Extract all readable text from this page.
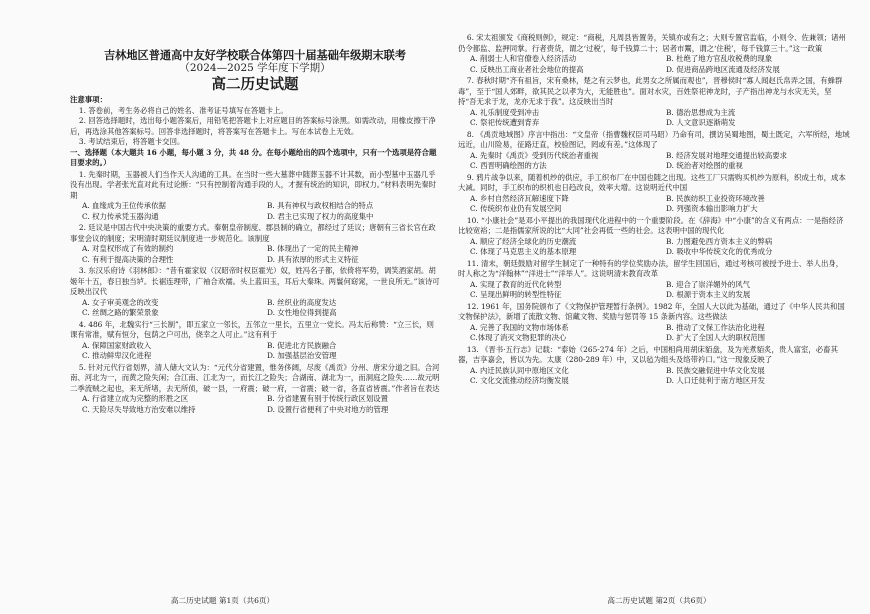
吉林地区普通高中友好学校联合体第四十届基础年级期末联考
（2024—2025 学年度下学期）
高二历史试题

注意事项：

1. 答卷前，考生务必将自己的姓名、准考证号填写在答题卡上。

2. 回答选择题时，选出每小题答案后，用铅笔把答题卡上对应题目的答案标号涂黑。如需改动，用橡皮擦干净后，再选涂其他答案标号。回答非选择题时，将答案写在答题卡上。写在本试卷上无效。

3. 考试结束后，将答题卡交回。

一、选择题（本大题共 16 小题，每小题 3 分，共 48 分。在每小题给出的四个选项中，只有一个选项是符合题目要求的。）

1. 先秦时期，玉器被人们当作天人沟通的工具。在当时一些大墓葬中随葬玉器不计其数，而小型墓中玉器几乎没有出现。学者张光直对此有过论断：“只有控制着沟通手段的人，才握有统治的知识，即权力。”材料表明先秦时期

A. 血缘成为王位传承依据	B. 具有神权与政权相结合的特点
C. 权力传承凭玉器沟通	D. 君主已实现了权力的高度集中

2. 廷议是中国古代中央决策的重要方式。秦朝皇帝制度、郡县制的确立，都经过了廷议；唐朝有三省长官在政事堂会议的制度；宋明清时期廷议制度进一步规范化。该制度

A. 对皇权形成了有效的制约	B. 体现出了一定的民主精神
C. 有利于提高决策的合理性	D. 具有浓厚的形式主义特征

3. 东汉乐府诗《羽林郎》：“昔有霍家奴（汉昭帝时权臣霍光）奴，姓冯名子都，依倚将军势，调笑酒家胡。胡姬年十五，春日独当垆。长裾连理带，广袖合欢襦。头上蓝田玉，耳后大秦珠。两鬟何窈窕，一世良所无。”该诗可反映出汉代

A. 女子审美观念的改变	B. 丝织业的高度发达
C. 丝绸之路的繁荣景象	D. 女性地位得到提高

4. 486 年，北魏实行“三长制”，即五家立一邻长，五邻立一里长，五里立一党长。冯太后称赞：“立三长，则课有常准，赋有恒分，包荫之户可出，侥幸之人可止。”这有利于

A. 保障国家财政收入	B. 促进北方民族融合
C. 推动鲜卑汉化进程	D. 加强基层治安管理

5. 针对元代行省划界，清人储大文认为：“元代分省建置，惟务侈阔，尽废《禹贡》分州、唐宋分道之旧。合河南、河北为一，而黄之险失闲；合江南、江北为一，而长江之险失；合湖南、湖北为一，而洞庭之险失……故元明二季流贼之起也，来无所堵，去无所侦，破一县，一府震；破一府，一省震；破一省，各直省皆震。”作者旨在表达

A. 行省建立成为完整的形胜之区	B. 分省建置有别于传统行政区划设置
C. 天险尽失导致地方治安难以维持	D. 设置行省便利了中央对地方的管理
高二历史试题 第1页（共6页）

6. 宋太祖颁发《商税则例》，规定：“商税，凡周县皆置务，关镇亦或有之；大则专置官监临，小则令、佐兼领；诸州仍令都监、监押同掌。行者赍货，谓之‘过税’，每千钱算二十；居者市鬻，谓之‘住税’，每千钱算三十。”这一政策

A. 削弱士人和官僚卷入经济活动	B. 杜绝了地方官乱收税费的现象
C. 反映出工商业者社会地位的提高	D. 促进商品跨地区流通及经济发展

7. 春秋时期“齐有祖旨，宋有桑林，楚之有云梦也，此男女之所属而观也”，晋穆侯时“寡人闻赵氏帛弄之国，有蜂群毒”，至于“国人郊畔，欲其民之以孝为大，无能胜也”。面对水灾，百姓祭祀神龙时，子产指出神龙与水灾无关，坚持“吾无求于龙，龙亦无求于我”。这反映出当时

A. 礼乐制度受到冲击	B. 德治思想成为主流
C. 祭祀传统遭到背弃	D. 人文意识逐渐萌发

8. 《禹贡地域图》序言中指出：“文皇帝（指曹魏权臣司马昭）乃命有司，撰访吴蜀地图，蜀土既定，六军所经，地域远近，山川险易，征路迂直，校验图记，罔或有差。”这体现了

A. 先秦时《禹贡》受到历代统治者重视	B. 经济发展对地理交通提出较高要求
C. 西晋明确绘图的方法	D. 统治者对绘图的重视

9. 鸦片战争以来，随着机纱的供应，手工织布厂在中国也随之出现。这些工厂只需购买机纱为原料，织成土布，成本大减。同时，手工织布的织机也日趋改良，效率大增。这说明近代中国

A. 乡村自然经济瓦解速度下降	B. 民族纺织工业投资环境改善
C. 传统织布业仍有发展空间	D. 列强资本输出影响力扩大

10. “小康社会”是邓小平提出的我国现代化进程中的一个重要阶段。在《辞海》中“小康”的含义有两点：一是指经济比较宽裕；二是指儒家所说的比“大同”社会再低一些的社会。这表明中国的现代化

A. 顺应了经济全球化的历史潮流	B. 力图避免西方资本主义的弊病
C. 体现了马克思主义的基本原理	D. 吸收中华传统文化的优秀成分

11. 清末，朝廷鼓励对留学生制定了一种特有的学位奖励办法，留学生回国后，通过考核可被授予进士、举人出身，时人称之为“洋翰林”“洋进士”“洋举人”。这说明清末教育改革

A. 实现了教育的近代化转型	B. 迎合了崇洋媚外的风气
C. 呈现出鲜明的转型性特征	D. 根源于资本主义的发展

12. 1961 年，国务院颁布了《文物保护管理暂行条例》。1982 年，全国人大以此为基础，通过了《中华人民共和国文物保护法》，新增了流散文物、馆藏文物、奖励与惩罚等 15 条新内容。这些做法

A. 完善了我国的文物市场体系	B. 推动了文保工作法治化进程
C.体现了消灭文物犯罪的决心	D. 扩大了全国人大的职权范围

13. 《晋书·五行志》记载：“泰始（265-274 年）之后，中国相尚用胡床貊盘，及为羌煮貊炙，贵人富室，必畜其器，吉享嘉会，皆以为先。太康（280-289 年）中，又以毡为组头及络带衿口。”这一现象反映了

A. 内迁民族认同中原地区文化	B. 民族交融促进中华文化发展
C. 文化交流推动经济均衡发展	D. 人口迁徙利于南方地区开发
高二历史试题 第2页（共6页）
